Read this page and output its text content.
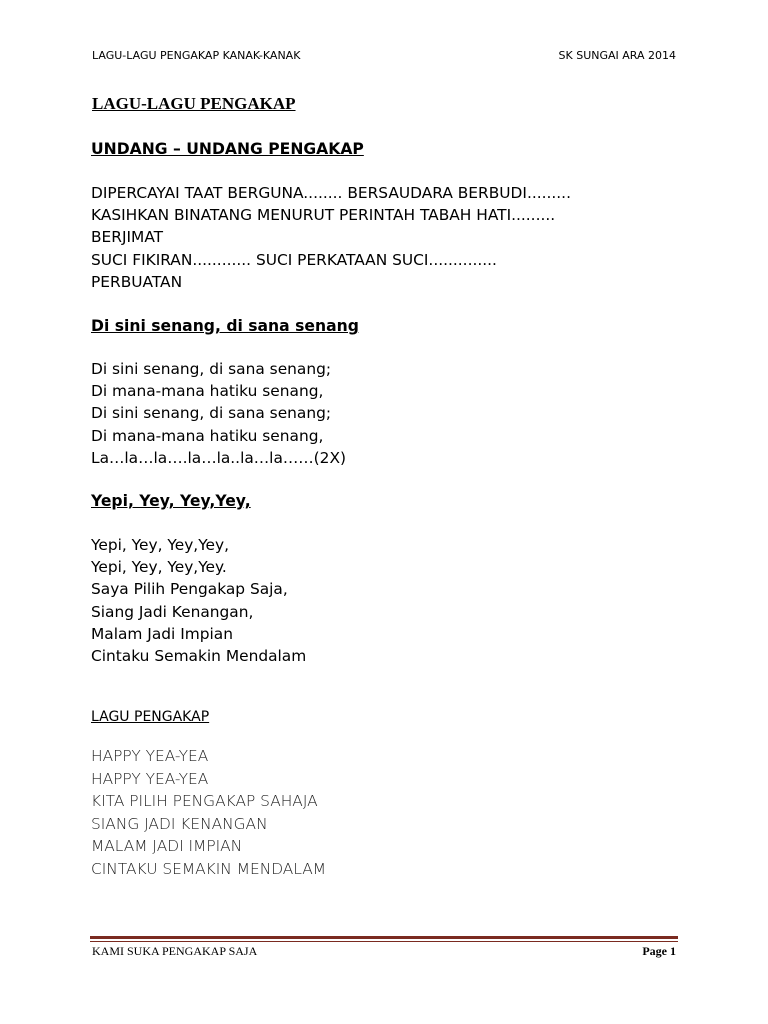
LAGU-LAGU PENGAKAP KANAK-KANAK	SK SUNGAI ARA 2014
LAGU-LAGU PENGAKAP
UNDANG – UNDANG PENGAKAP
DIPERCAYAI TAAT BERGUNA........ BERSAUDARA BERBUDI.........
KASIHKAN BINATANG MENURUT PERINTAH TABAH HATI.........
BERJIMAT
SUCI FIKIRAN............ SUCI PERKATAAN SUCI..............
PERBUATAN
Di sini senang, di sana senang
Di sini senang, di sana senang;
Di mana-mana hatiku senang,
Di sini senang, di sana senang;
Di mana-mana hatiku senang,
La…la…la….la…la..la…la……(2X)
Yepi, Yey, Yey,Yey,
Yepi, Yey, Yey,Yey,
Yepi, Yey, Yey,Yey.
Saya Pilih Pengakap Saja,
Siang Jadi Kenangan,
Malam Jadi Impian
Cintaku Semakin Mendalam
LAGU PENGAKAP
HAPPY YEA-YEA
HAPPY YEA-YEA
KITA PILIH PENGAKAP SAHAJA
SIANG JADI KENANGAN
MALAM JADI IMPIAN
CINTAKU SEMAKIN MENDALAM
KAMI SUKA PENGAKAP SAJA	Page 1
